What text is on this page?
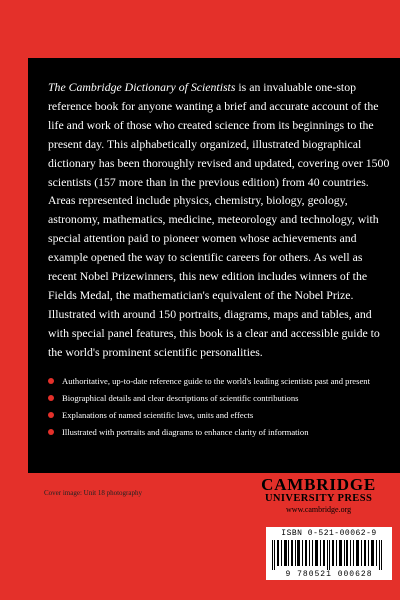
The Cambridge Dictionary of Scientists is an invaluable one-stop reference book for anyone wanting a brief and accurate account of the life and work of those who created science from its beginnings to the present day. This alphabetically organized, illustrated biographical dictionary has been thoroughly revised and updated, covering over 1500 scientists (157 more than in the previous edition) from 40 countries. Areas represented include physics, chemistry, biology, geology, astronomy, mathematics, medicine, meteorology and technology, with special attention paid to pioneer women whose achievements and example opened the way to scientific careers for others. As well as recent Nobel Prizewinners, this new edition includes winners of the Fields Medal, the mathematician's equivalent of the Nobel Prize. Illustrated with around 150 portraits, diagrams, maps and tables, and with special panel features, this book is a clear and accessible guide to the world's prominent scientific personalities.

Authoritative, up-to-date reference guide to the world's leading scientists past and present
Biographical details and clear descriptions of scientific contributions
Explanations of named scientific laws, units and effects
Illustrated with portraits and diagrams to enhance clarity of information
Cover image: Unit 18 photography	CAMBRIDGE
UNIVERSITY PRESS
www.cambridge.org
ISBN 0-521-00062-9
9 780521 000628
